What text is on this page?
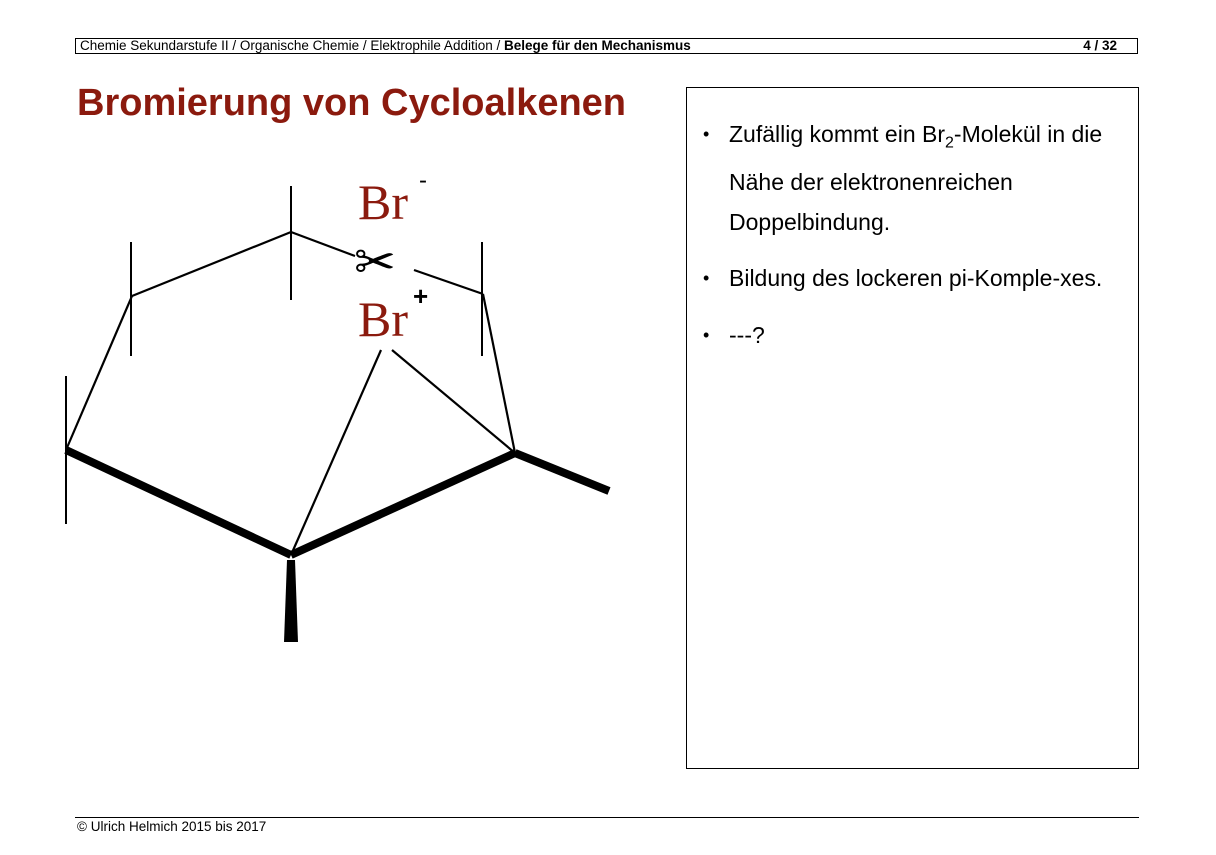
Chemie Sekundarstufe II / Organische Chemie / Elektrophile Addition / Belege für den Mechanismus	4 / 32
Bromierung von Cycloalkenen
Br -
✂
Br +
• Zufällig kommt ein $Br_2$-Molekül in die Nähe der elektronenreichen Doppelbindung.
• Bildung des lockeren pi-Komple-xes.
• ---?
© Ulrich Helmich 2015 bis 2017
